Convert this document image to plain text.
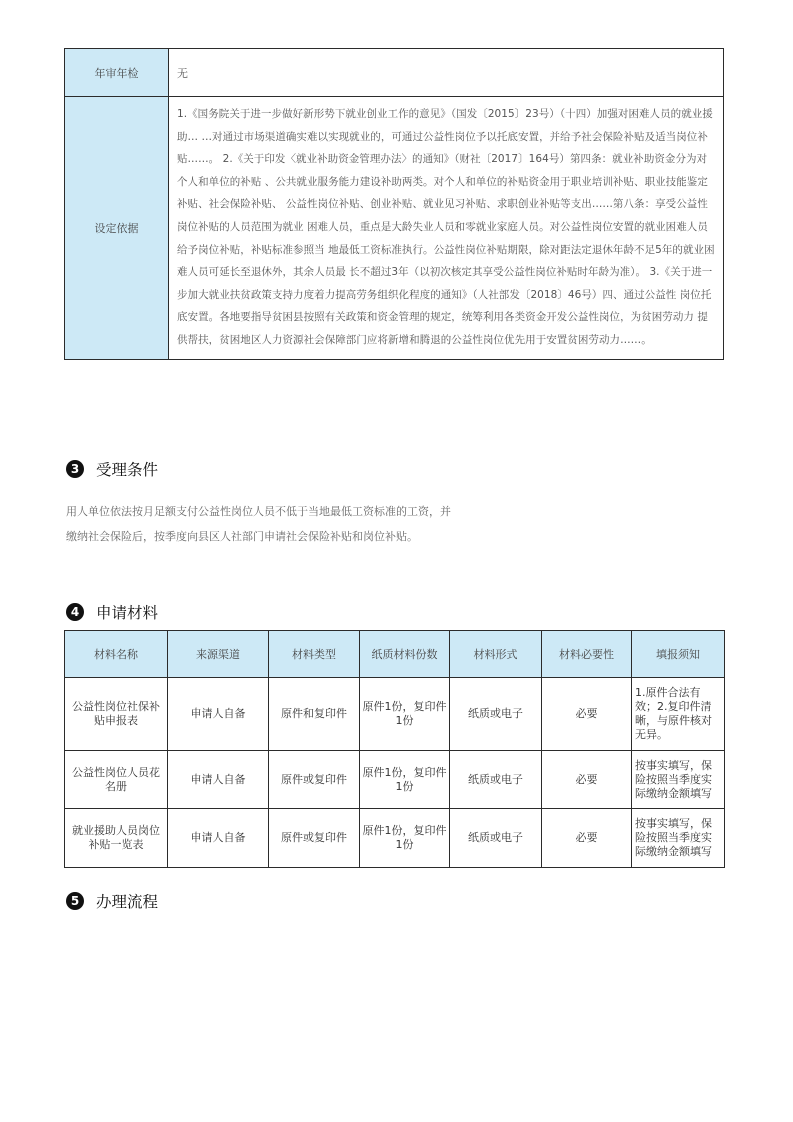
年审年检	无
设定依据	1.《国务院关于进一步做好新形势下就业创业工作的意见》（国发〔2015〕23号）（十四）加强对困难人员的就业援助… …对通过市场渠道确实难以实现就业的，可通过公益性岗位予以托底安置，并给予社会保险补贴及适当岗位补贴……。 2.《关于印发〈就业补助资金管理办法〉的通知》（财社〔2017〕164号）第四条：就业补助资金分为对个人和单位的补贴 、公共就业服务能力建设补助两类。对个人和单位的补贴资金用于职业培训补贴、职业技能鉴定补贴、社会保险补贴、 公益性岗位补贴、创业补贴、就业见习补贴、求职创业补贴等支出……第八条：享受公益性岗位补贴的人员范围为就业 困难人员，重点是大龄失业人员和零就业家庭人员。对公益性岗位安置的就业困难人员给予岗位补贴，补贴标准参照当 地最低工资标准执行。公益性岗位补贴期限，除对距法定退休年龄不足5年的就业困难人员可延长至退休外，其余人员最 长不超过3年（以初次核定其享受公益性岗位补贴时年龄为准）。 3.《关于进一步加大就业扶贫政策支持力度着力提高劳务组织化程度的通知》（人社部发〔2018〕46号）四、通过公益性 岗位托底安置。各地要指导贫困县按照有关政策和资金管理的规定，统筹利用各类资金开发公益性岗位，为贫困劳动力 提供帮扶，贫困地区人力资源社会保障部门应将新增和腾退的公益性岗位优先用于安置贫困劳动力……。
3	受理条件
用人单位依法按月足额支付公益性岗位人员不低于当地最低工资标准的工资，并缴纳社会保险后，按季度向县区人社部门申请社会保险补贴和岗位补贴。
4	申请材料
材料名称	来源渠道	材料类型	纸质材料份数	材料形式	材料必要性	填报须知
公益性岗位社保补贴申报表	申请人自备	原件和复印件	原件1份，复印件1份	纸质或电子	必要	1.原件合法有效；2.复印件清晰，与原件核对无异。
公益性岗位人员花名册	申请人自备	原件或复印件	原件1份，复印件1份	纸质或电子	必要	按事实填写，保险按照当季度实际缴纳金额填写
就业援助人员岗位补贴一览表	申请人自备	原件或复印件	原件1份，复印件1份	纸质或电子	必要	按事实填写，保险按照当季度实际缴纳金额填写
5	办理流程
